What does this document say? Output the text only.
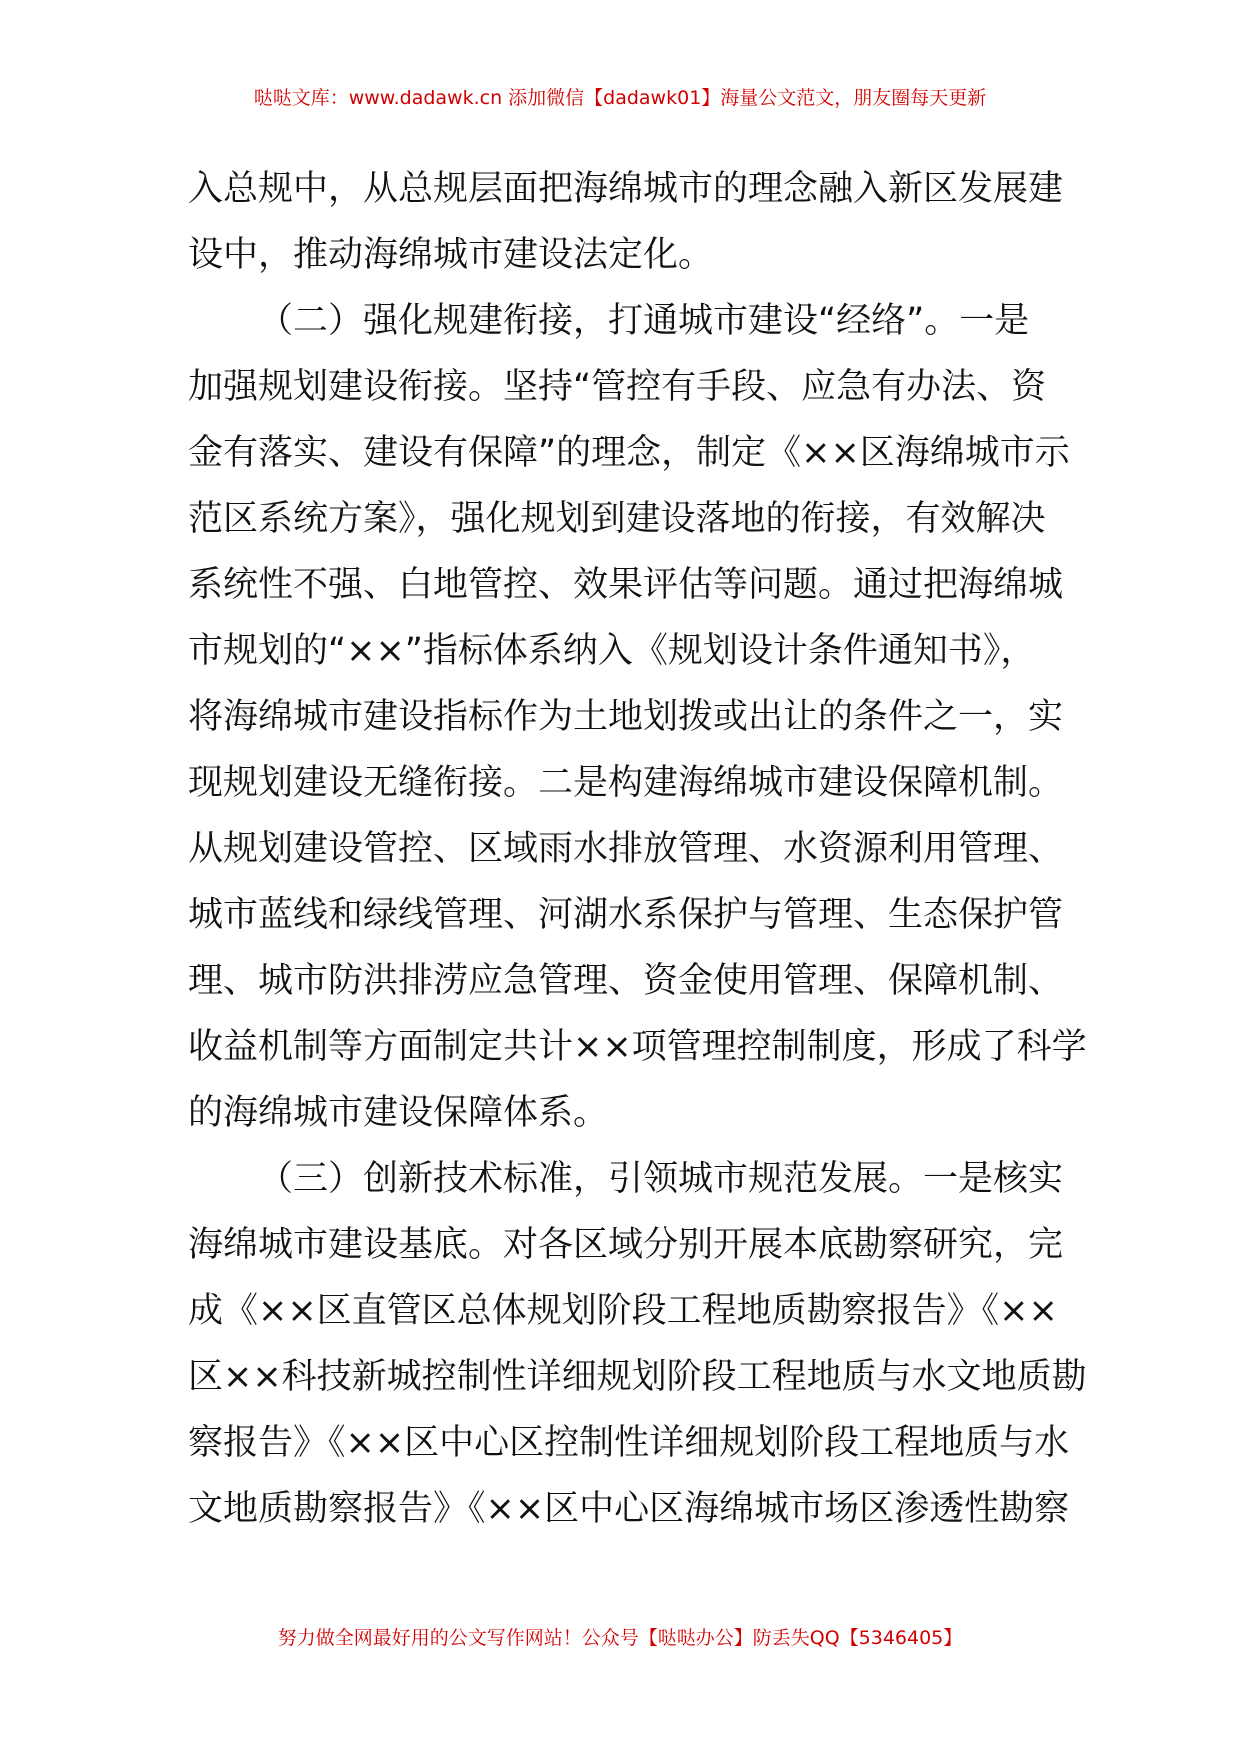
哒哒文库：www.dadawk.cn 添加微信【dadawk01】海量公文范文，朋友圈每天更新
入总规中，从总规层面把海绵城市的理念融入新区发展建
设中，推动海绵城市建设法定化。
（二）强化规建衔接，打通城市建设“经络”。一是
加强规划建设衔接。坚持“管控有手段、应急有办法、资
金有落实、建设有保障”的理念，制定《××区海绵城市示
范区系统方案》，强化规划到建设落地的衔接，有效解决
系统性不强、白地管控、效果评估等问题。通过把海绵城
市规划的“××”指标体系纳入《规划设计条件通知书》，
将海绵城市建设指标作为土地划拨或出让的条件之一，实
现规划建设无缝衔接。二是构建海绵城市建设保障机制。
从规划建设管控、区域雨水排放管理、水资源利用管理、
城市蓝线和绿线管理、河湖水系保护与管理、生态保护管
理、城市防洪排涝应急管理、资金使用管理、保障机制、
收益机制等方面制定共计××项管理控制制度，形成了科学
的海绵城市建设保障体系。
（三）创新技术标准，引领城市规范发展。一是核实
海绵城市建设基底。对各区域分别开展本底勘察研究，完
成《××区直管区总体规划阶段工程地质勘察报告》《××
区××科技新城控制性详细规划阶段工程地质与水文地质勘
察报告》《××区中心区控制性详细规划阶段工程地质与水
文地质勘察报告》《××区中心区海绵城市场区渗透性勘察
努力做全网最好用的公文写作网站！公众号【哒哒办公】防丢失QQ【5346405】
